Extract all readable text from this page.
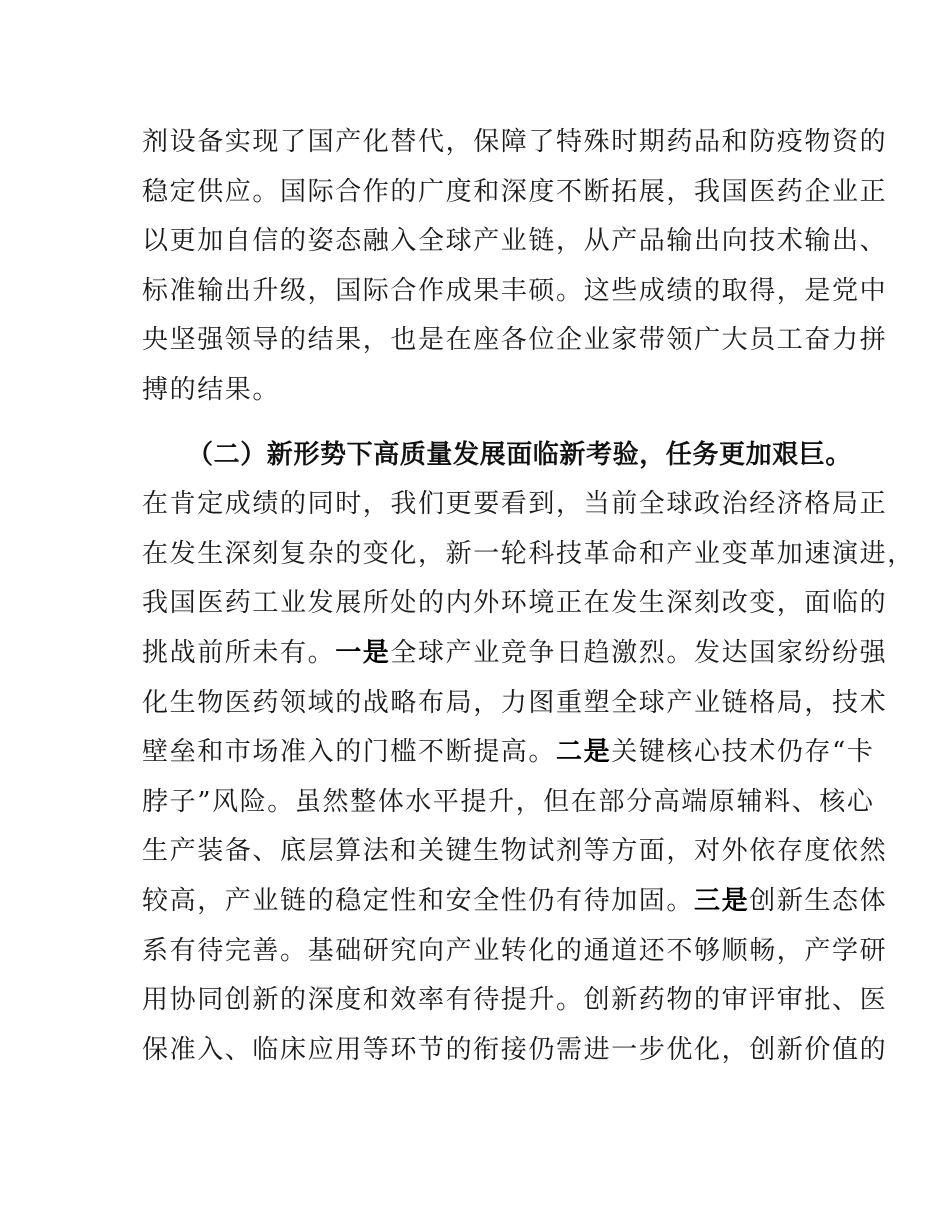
剂设备实现了国产化替代，保障了特殊时期药品和防疫物资的
稳定供应。国际合作的广度和深度不断拓展，我国医药企业正
以更加自信的姿态融入全球产业链，从产品输出向技术输出、
标准输出升级，国际合作成果丰硕。这些成绩的取得，是党中
央坚强领导的结果，也是在座各位企业家带领广大员工奋力拼
搏的结果。
（二）新形势下高质量发展面临新考验，任务更加艰巨。
在肯定成绩的同时，我们更要看到，当前全球政治经济格局正
在发生深刻复杂的变化，新一轮科技革命和产业变革加速演进，
我国医药工业发展所处的内外环境正在发生深刻改变，面临的
挑战前所未有。一是全球产业竞争日趋激烈。发达国家纷纷强
化生物医药领域的战略布局，力图重塑全球产业链格局，技术
壁垒和市场准入的门槛不断提高。二是关键核心技术仍存“卡
脖子”风险。虽然整体水平提升，但在部分高端原辅料、核心
生产装备、底层算法和关键生物试剂等方面，对外依存度依然
较高，产业链的稳定性和安全性仍有待加固。三是创新生态体
系有待完善。基础研究向产业转化的通道还不够顺畅，产学研
用协同创新的深度和效率有待提升。创新药物的审评审批、医
保准入、临床应用等环节的衔接仍需进一步优化，创新价值的
